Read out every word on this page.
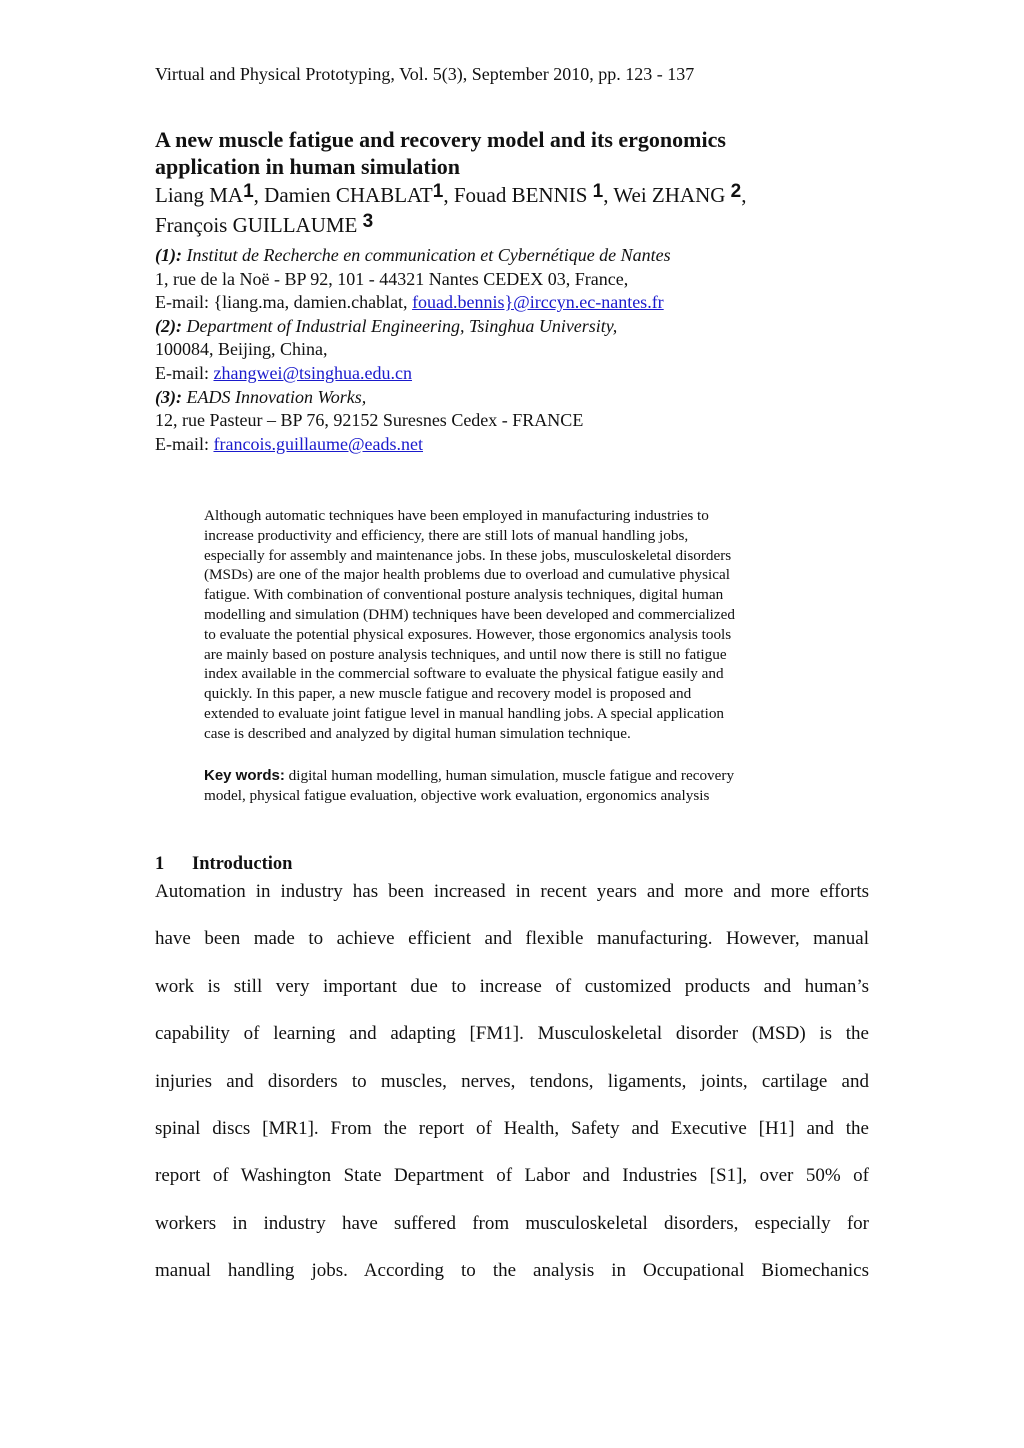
Virtual and Physical Prototyping, Vol. 5(3), September 2010, pp. 123 - 137
A new muscle fatigue and recovery model and its ergonomics
application in human simulation
Liang $MA^1$, Damien CHABLAT$^1$, Fouad BENNIS $^1$, Wei ZHANG $^2$,
François GUILLAUME $^3$
(1): Institut de Recherche en communication et Cybernétique de Nantes
1, rue de la Noë - BP 92, 101 - 44321 Nantes CEDEX 03, France,
E-mail: {liang.ma, damien.chablat, fouad.bennis}@irccyn.ec-nantes.fr
(2): Department of Industrial Engineering, Tsinghua University,
100084, Beijing, China,
E-mail: zhangwei@tsinghua.edu.cn
(3): EADS Innovation Works,
12, rue Pasteur – BP 76, 92152 Suresnes Cedex - FRANCE
E-mail: francois.guillaume@eads.net
Although automatic techniques have been employed in manufacturing industries to
increase productivity and efficiency, there are still lots of manual handling jobs,
especially for assembly and maintenance jobs. In these jobs, musculoskeletal disorders
(MSDs) are one of the major health problems due to overload and cumulative physical
fatigue. With combination of conventional posture analysis techniques, digital human
modelling and simulation (DHM) techniques have been developed and commercialized
to evaluate the potential physical exposures. However, those ergonomics analysis tools
are mainly based on posture analysis techniques, and until now there is still no fatigue
index available in the commercial software to evaluate the physical fatigue easily and
quickly. In this paper, a new muscle fatigue and recovery model is proposed and
extended to evaluate joint fatigue level in manual handling jobs. A special application
case is described and analyzed by digital human simulation technique.
Key words: digital human modelling, human simulation, muscle fatigue and recovery
model, physical fatigue evaluation, objective work evaluation, ergonomics analysis
1 Introduction
Automation in industry has been increased in recent years and more and more efforts
have been made to achieve efficient and flexible manufacturing. However, manual
work is still very important due to increase of customized products and human’s
capability of learning and adapting [FM1]. Musculoskeletal disorder (MSD) is the
injuries and disorders to muscles, nerves, tendons, ligaments, joints, cartilage and
spinal discs [MR1]. From the report of Health, Safety and Executive [H1] and the
report of Washington State Department of Labor and Industries [S1], over 50% of
workers in industry have suffered from musculoskeletal disorders, especially for
manual handling jobs. According to the analysis in Occupational Biomechanics
